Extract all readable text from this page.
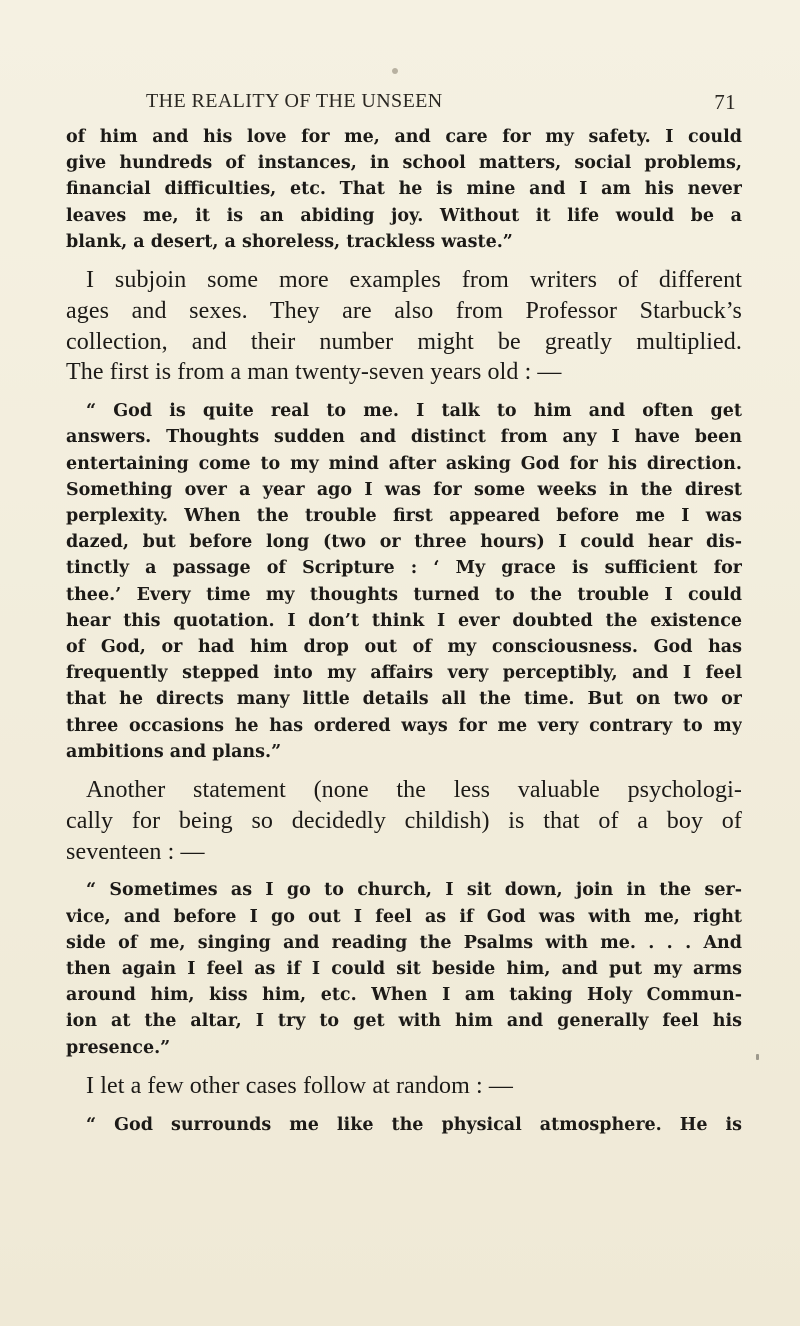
THE REALITY OF THE UNSEEN	71
of him and his love for me, and care for my safety. I could
give hundreds of instances, in school matters, social problems,
financial difficulties, etc. That he is mine and I am his never
leaves me, it is an abiding joy. Without it life would be a
blank, a desert, a shoreless, trackless waste.”
I subjoin some more examples from writers of different
ages and sexes. They are also from Professor Starbuck’s
collection, and their number might be greatly multiplied.
The first is from a man twenty-seven years old : —
“ God is quite real to me. I talk to him and often get
answers. Thoughts sudden and distinct from any I have been
entertaining come to my mind after asking God for his direction.
Something over a year ago I was for some weeks in the direst
perplexity. When the trouble first appeared before me I was
dazed, but before long (two or three hours) I could hear dis-
tinctly a passage of Scripture : ‘ My grace is sufficient for
thee.’ Every time my thoughts turned to the trouble I could
hear this quotation. I don’t think I ever doubted the existence
of God, or had him drop out of my consciousness. God has
frequently stepped into my affairs very perceptibly, and I feel
that he directs many little details all the time. But on two or
three occasions he has ordered ways for me very contrary to my
ambitions and plans.”
Another statement (none the less valuable psychologi-
cally for being so decidedly childish) is that of a boy of
seventeen : —
“ Sometimes as I go to church, I sit down, join in the ser-
vice, and before I go out I feel as if God was with me, right
side of me, singing and reading the Psalms with me. . . . And
then again I feel as if I could sit beside him, and put my arms
around him, kiss him, etc. When I am taking Holy Commun-
ion at the altar, I try to get with him and generally feel his
presence.”
I let a few other cases follow at random : —
“ God surrounds me like the physical atmosphere. He is
